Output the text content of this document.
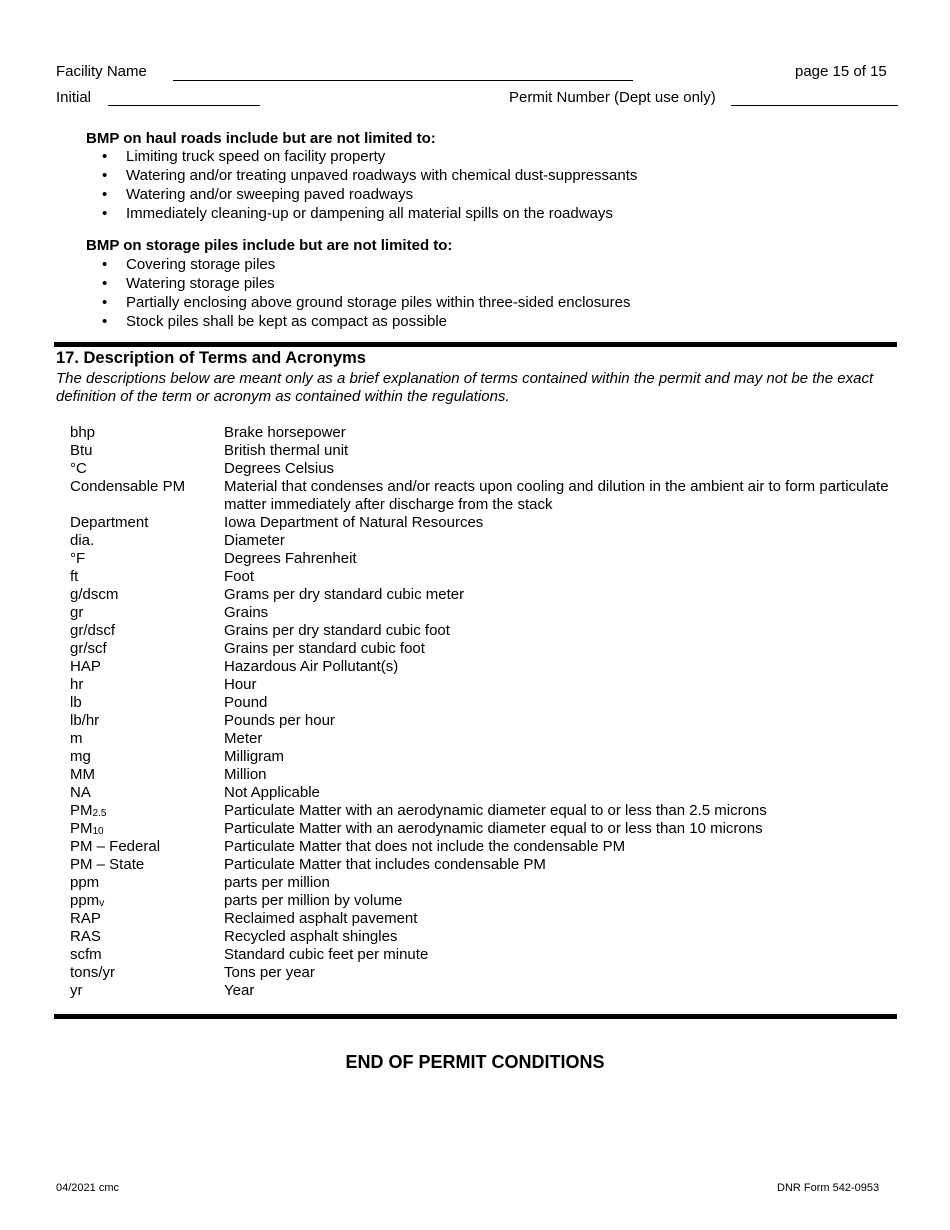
Facility Name	page 15 of 15
Initial	Permit Number (Dept use only)
BMP on haul roads include but are not limited to:
• Limiting truck speed on facility property
• Watering and/or treating unpaved roadways with chemical dust-suppressants
• Watering and/or sweeping paved roadways
• Immediately cleaning-up or dampening all material spills on the roadways
BMP on storage piles include but are not limited to:
• Covering storage piles
• Watering storage piles
• Partially enclosing above ground storage piles within three-sided enclosures
• Stock piles shall be kept as compact as possible
17. Description of Terms and Acronyms
The descriptions below are meant only as a brief explanation of terms contained within the permit and may not be the exact definition of the term or acronym as contained within the regulations.
bhp	Brake horsepower
Btu	British thermal unit
°C	Degrees Celsius
Condensable PM	Material that condenses and/or reacts upon cooling and dilution in the ambient air to form particulate matter immediately after discharge from the stack
Department	Iowa Department of Natural Resources
dia.	Diameter
°F	Degrees Fahrenheit
ft	Foot
g/dscm	Grams per dry standard cubic meter
gr	Grains
gr/dscf	Grains per dry standard cubic foot
gr/scf	Grains per standard cubic foot
HAP	Hazardous Air Pollutant(s)
hr	Hour
lb	Pound
lb/hr	Pounds per hour
m	Meter
mg	Milligram
MM	Million
NA	Not Applicable
$PM_{2.5}$	Particulate Matter with an aerodynamic diameter equal to or less than 2.5 microns
$PM_{10}$	Particulate Matter with an aerodynamic diameter equal to or less than 10 microns
PM – Federal	Particulate Matter that does not include the condensable PM
PM – State	Particulate Matter that includes condensable PM
ppm	parts per million
ppm$_v$	parts per million by volume
RAP	Reclaimed asphalt pavement
RAS	Recycled asphalt shingles
scfm	Standard cubic feet per minute
tons/yr	Tons per year
yr	Year
END OF PERMIT CONDITIONS
04/2021 cmc	DNR Form 542-0953
